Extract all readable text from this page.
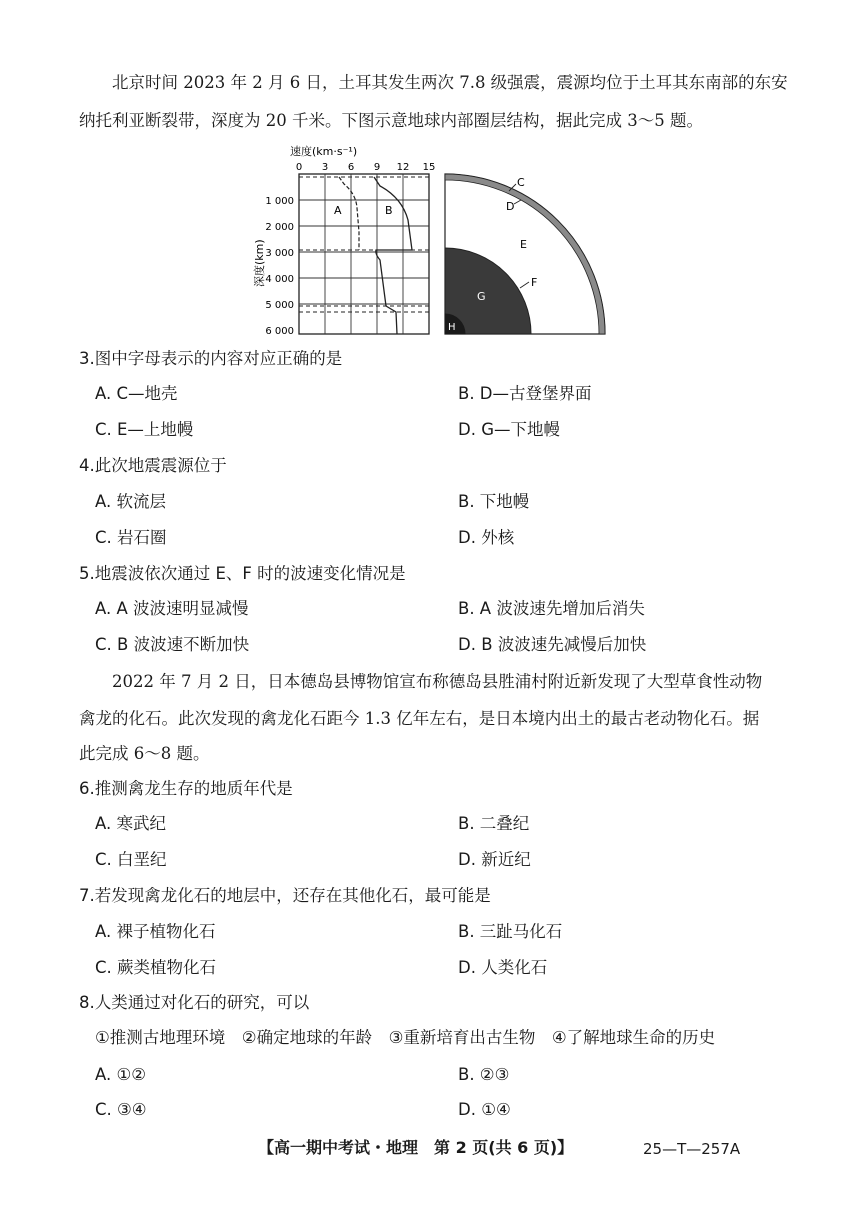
北京时间 2023 年 2 月 6 日，土耳其发生两次 7.8 级强震，震源均位于土耳其东南部的东安
纳托利亚断裂带，深度为 20 千米。下图示意地球内部圈层结构，据此完成 3～5 题。
速度(km·s⁻¹)
0 3 6 9 12 15
1 000
2 000
3 000
4 000
5 000
6 000
深度(km)
A	B
C
D
E
F
G
H
3.图中字母表示的内容对应正确的是
A. C—地壳	B. D—古登堡界面
C. E—上地幔	D. G—下地幔
4.此次地震震源位于
A. 软流层	B. 下地幔
C. 岩石圈	D. 外核
5.地震波依次通过 E、F 时的波速变化情况是
A. A 波波速明显减慢	B. A 波波速先增加后消失
C. B 波波速不断加快	D. B 波波速先减慢后加快
2022 年 7 月 2 日，日本德岛县博物馆宣布称德岛县胜浦村附近新发现了大型草食性动物
禽龙的化石。此次发现的禽龙化石距今 1.3 亿年左右，是日本境内出土的最古老动物化石。据
此完成 6～8 题。
6.推测禽龙生存的地质年代是
A. 寒武纪	B. 二叠纪
C. 白垩纪	D. 新近纪
7.若发现禽龙化石的地层中，还存在其他化石，最可能是
A. 裸子植物化石	B. 三趾马化石
C. 蕨类植物化石	D. 人类化石
8.人类通过对化石的研究，可以
①推测古地理环境　②确定地球的年龄　③重新培育出古生物　④了解地球生命的历史
A. ①②	B. ②③
C. ③④	D. ①④
【高一期中考试・地理　第 2 页(共 6 页)】	25—T—257A
